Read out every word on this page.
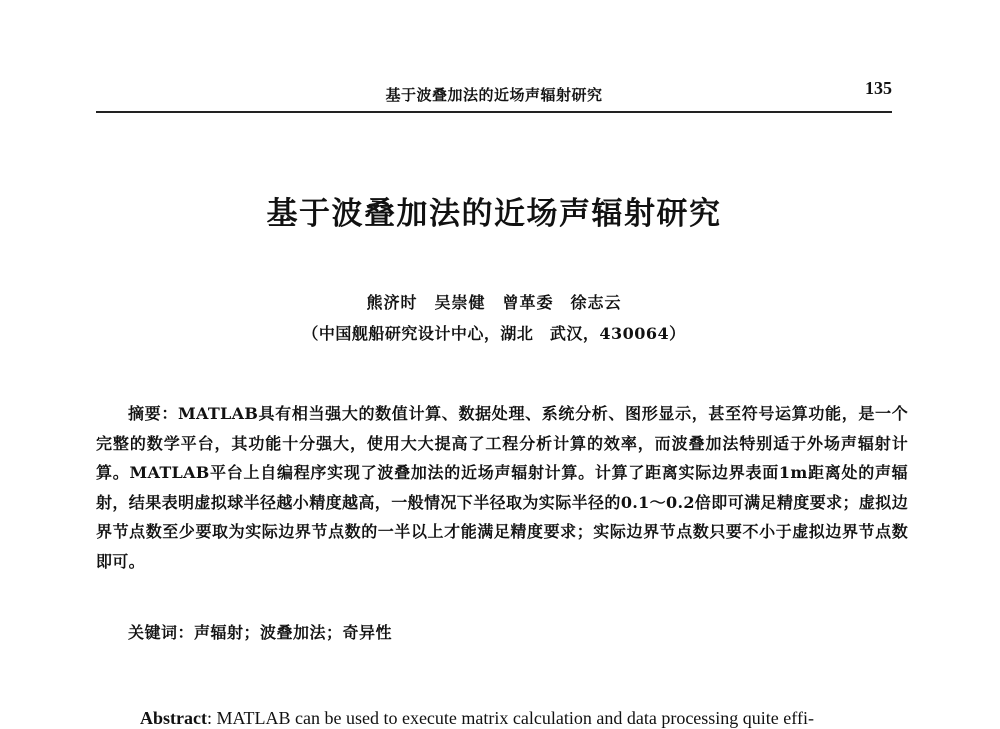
基于波叠加法的近场声辐射研究	135
基于波叠加法的近场声辐射研究
熊济时　吴崇健　曾革委　徐志云
（中国舰船研究设计中心，湖北　武汉，430064）
摘要：MATLAB具有相当强大的数值计算、数据处理、系统分析、图形显示，甚至符号运算功能，是一个完整的数学平台，其功能十分强大，使用大大提高了工程分析计算的效率，而波叠加法特别适于外场声辐射计算。MATLAB平台上自编程序实现了波叠加法的近场声辐射计算。计算了距离实际边界表面1m距离处的声辐射，结果表明虚拟球半径越小精度越高，一般情况下半径取为实际半径的0.1～0.2倍即可满足精度要求；虚拟边界节点数至少要取为实际边界节点数的一半以上才能满足精度要求；实际边界节点数只要不小于虚拟边界节点数即可。
关键词：声辐射；波叠加法；奇异性
Abstract: MATLAB can be used to execute matrix calculation and data processing quite effi-
